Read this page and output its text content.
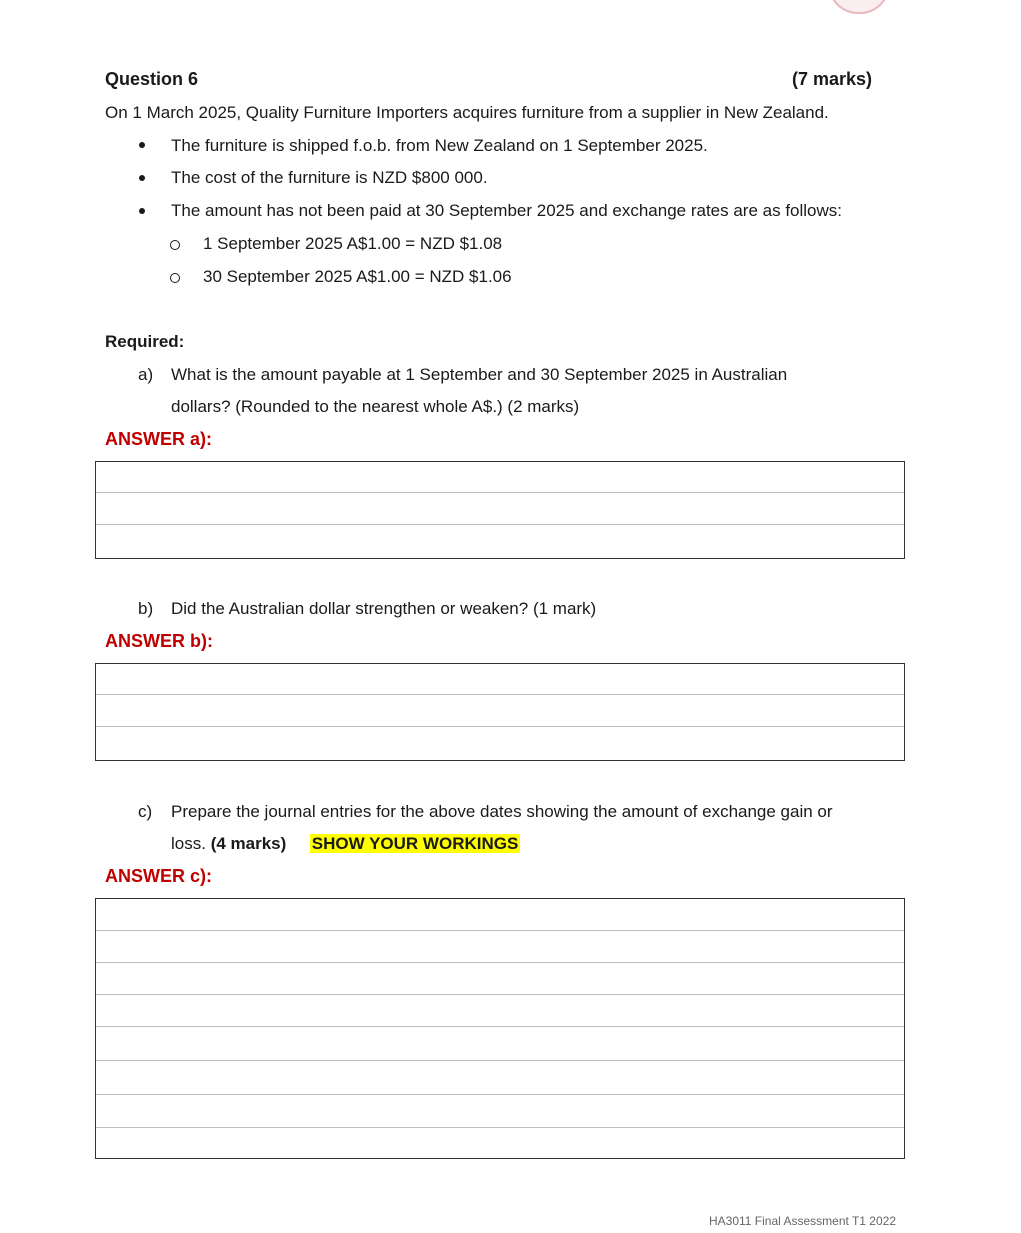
Question 6	(7 marks)
On 1 March 2025, Quality Furniture Importers acquires furniture from a supplier in New Zealand.
The furniture is shipped f.o.b. from New Zealand on 1 September 2025.
The cost of the furniture is NZD $800 000.
The amount has not been paid at 30 September 2025 and exchange rates are as follows:
1 September 2025 A$1.00 = NZD $1.08
30 September 2025 A$1.00 = NZD $1.06
Required:
a) What is the amount payable at 1 September and 30 September 2025 in Australian
dollars? (Rounded to the nearest whole A$.) (2 marks)
ANSWER a):
b) Did the Australian dollar strengthen or weaken? (1 mark)
ANSWER b):
c) Prepare the journal entries for the above dates showing the amount of exchange gain or
loss. (4 marks) SHOW YOUR WORKINGS
ANSWER c):
HA3011 Final Assessment T1 2022
